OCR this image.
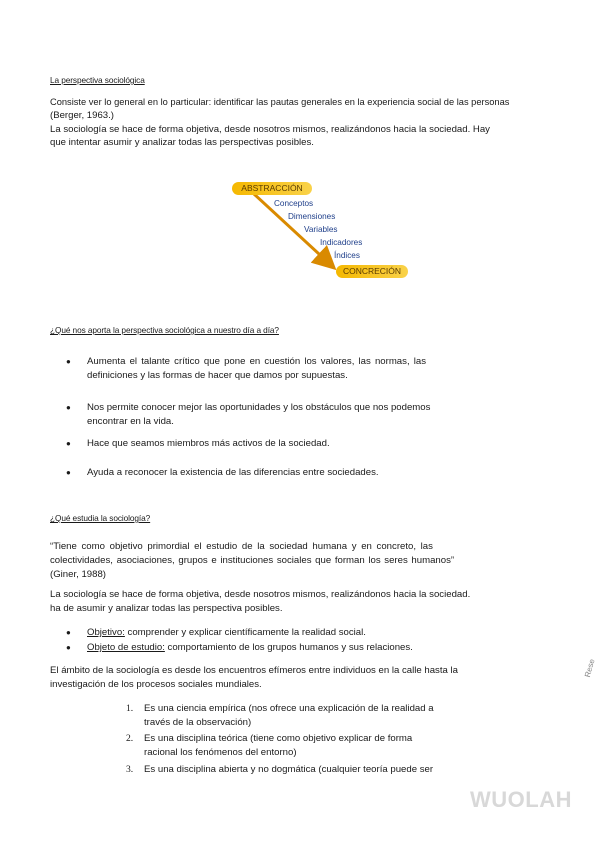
La perspectiva sociológica
Consiste ver lo general en lo particular: identificar las pautas generales en la experiencia social de las personas
(Berger, 1963.)
La sociología se hace de forma objetiva, desde nosotros mismos, realizándonos hacia la sociedad. Hay
que intentar asumir y analizar todas las perspectivas posibles.
ABSTRACCIÓN
Conceptos
Dimensiones
Variables
Indicadores
Índices
CONCRECIÓN
¿Qué nos aporta la perspectiva sociológica a nuestro día a día?
● Aumenta el talante crítico que pone en cuestión los valores, las normas, las
definiciones y las formas de hacer que damos por supuestas.
● Nos permite conocer mejor las oportunidades y los obstáculos que nos podemos
encontrar en la vida.
● Hace que seamos miembros más activos de la sociedad.
● Ayuda a reconocer la existencia de las diferencias entre sociedades.
¿Qué estudia la sociología?
“Tiene como objetivo primordial el estudio de la sociedad humana y en concreto, las
colectividades, asociaciones, grupos e instituciones sociales que forman los seres humanos”
(Giner, 1988)
La sociología se hace de forma objetiva, desde nosotros mismos, realizándonos hacia la sociedad.
ha de asumir y analizar todas las perspectiva posibles.
● Objetivo: comprender y explicar científicamente la realidad social.
● Objeto de estudio: comportamiento de los grupos humanos y sus relaciones.
El ámbito de la sociología es desde los encuentros efímeros entre individuos en la calle hasta la
investigación de los procesos sociales mundiales.
1. Es una ciencia empírica (nos ofrece una explicación de la realidad a
través de la observación)
2. Es una disciplina teórica (tiene como objetivo explicar de forma
racional los fenómenos del entorno)
3. Es una disciplina abierta y no dogmática (cualquier teoría puede ser
Rese
WUOLAH
